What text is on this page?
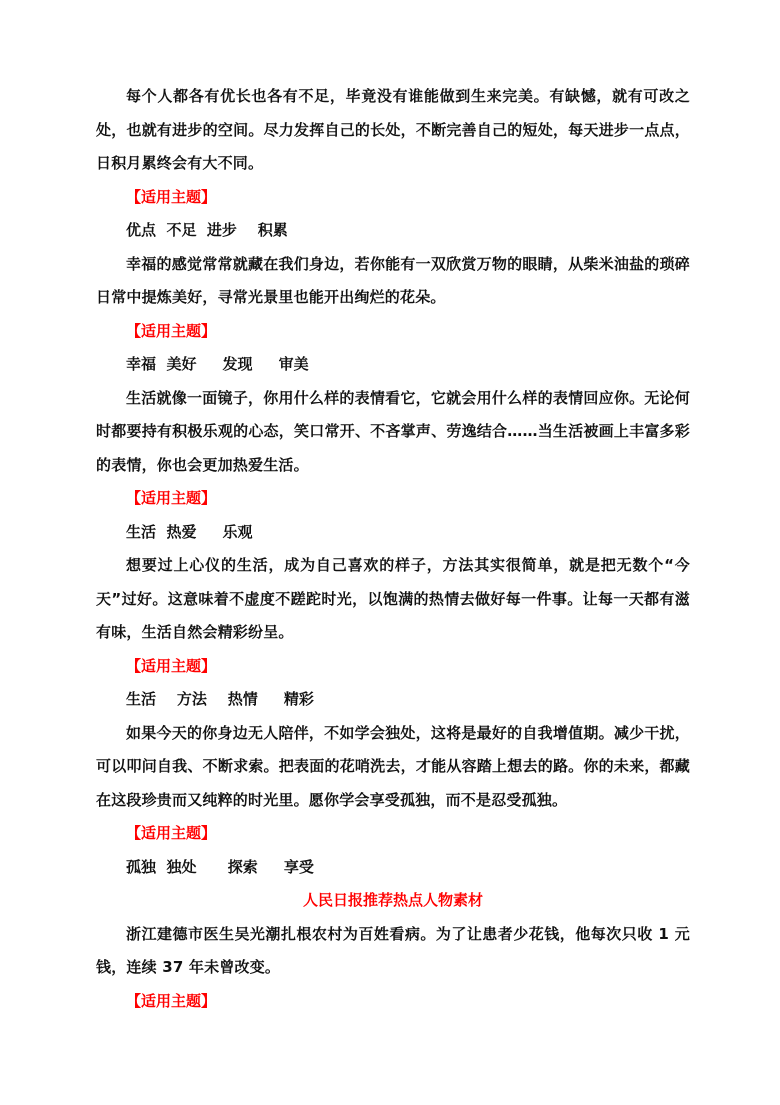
每个人都各有优长也各有不足，毕竟没有谁能做到生来完美。有缺憾，就有可改之处，也就有进步的空间。尽力发挥自己的长处，不断完善自己的短处，每天进步一点点，日积月累终会有大不同。

【适用主题】

优点  不足  进步    积累

幸福的感觉常常就藏在我们身边，若你能有一双欣赏万物的眼睛，从柴米油盐的琐碎日常中提炼美好，寻常光景里也能开出绚烂的花朵。

【适用主题】

幸福  美好     发现     审美

生活就像一面镜子，你用什么样的表情看它，它就会用什么样的表情回应你。无论何时都要持有积极乐观的心态，笑口常开、不吝掌声、劳逸结合……当生活被画上丰富多彩的表情，你也会更加热爱生活。

【适用主题】

生活  热爱     乐观

想要过上心仪的生活，成为自己喜欢的样子，方法其实很简单，就是把无数个“今天”过好。这意味着不虚度不蹉跎时光，以饱满的热情去做好每一件事。让每一天都有滋有味，生活自然会精彩纷呈。

【适用主题】

生活    方法    热情     精彩

如果今天的你身边无人陪伴，不如学会独处，这将是最好的自我增值期。减少干扰，可以叩问自我、不断求索。把表面的花哨洗去，才能从容踏上想去的路。你的未来，都藏在这段珍贵而又纯粹的时光里。愿你学会享受孤独，而不是忍受孤独。

【适用主题】

孤独  独处      探索     享受

人民日报推荐热点人物素材

浙江建德市医生吴光潮扎根农村为百姓看病。为了让患者少花钱，他每次只收 1 元钱，连续 37 年未曾改变。

【适用主题】
